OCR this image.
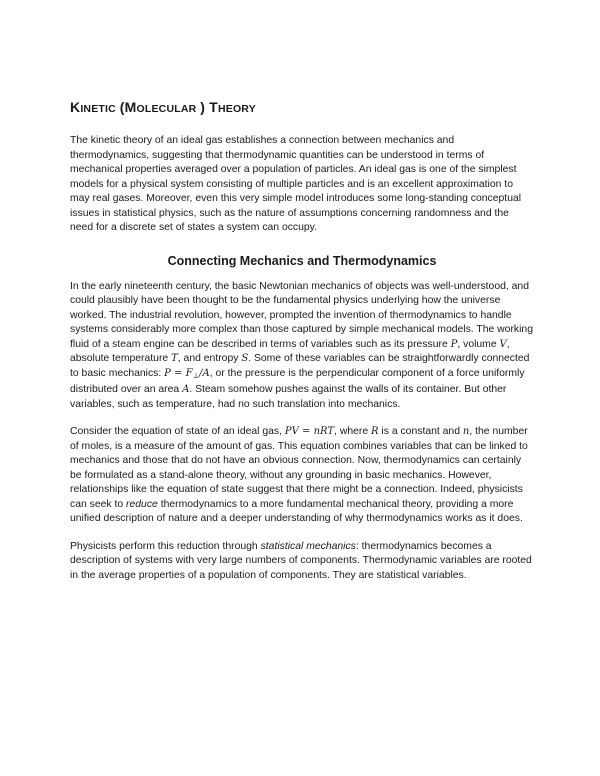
KINETIC (MOLECULAR ) THEORY

The kinetic theory of an ideal gas establishes a connection between mechanics and thermodynamics, suggesting that thermodynamic quantities can be understood in terms of mechanical properties averaged over a population of particles. An ideal gas is one of the simplest models for a physical system consisting of multiple particles and is an excellent approximation to may real gases. Moreover, even this very simple model introduces some long-standing conceptual issues in statistical physics, such as the nature of assumptions concerning randomness and the need for a discrete set of states a system can occupy.

Connecting Mechanics and Thermodynamics

In the early nineteenth century, the basic Newtonian mechanics of objects was well-understood, and could plausibly have been thought to be the fundamental physics underlying how the universe worked. The industrial revolution, however, prompted the invention of thermodynamics to handle systems considerably more complex than those captured by simple mechanical models. The working fluid of a steam engine can be described in terms of variables such as its pressure P, volume V, absolute temperature T, and entropy S. Some of these variables can be straightforwardly connected to basic mechanics: $P = F_\perp/A$, or the pressure is the perpendicular component of a force uniformly distributed over an area A. Steam somehow pushes against the walls of its container. But other variables, such as temperature, had no such translation into mechanics.

Consider the equation of state of an ideal gas, PV = nRT, where R is a constant and n, the number of moles, is a measure of the amount of gas. This equation combines variables that can be linked to mechanics and those that do not have an obvious connection. Now, thermodynamics can certainly be formulated as a stand-alone theory, without any grounding in basic mechanics. However, relationships like the equation of state suggest that there might be a connection. Indeed, physicists can seek to reduce thermodynamics to a more fundamental mechanical theory, providing a more unified description of nature and a deeper understanding of why thermodynamics works as it does.

Physicists perform this reduction through statistical mechanics: thermodynamics becomes a description of systems with very large numbers of components. Thermodynamic variables are rooted in the average properties of a population of components. They are statistical variables.
